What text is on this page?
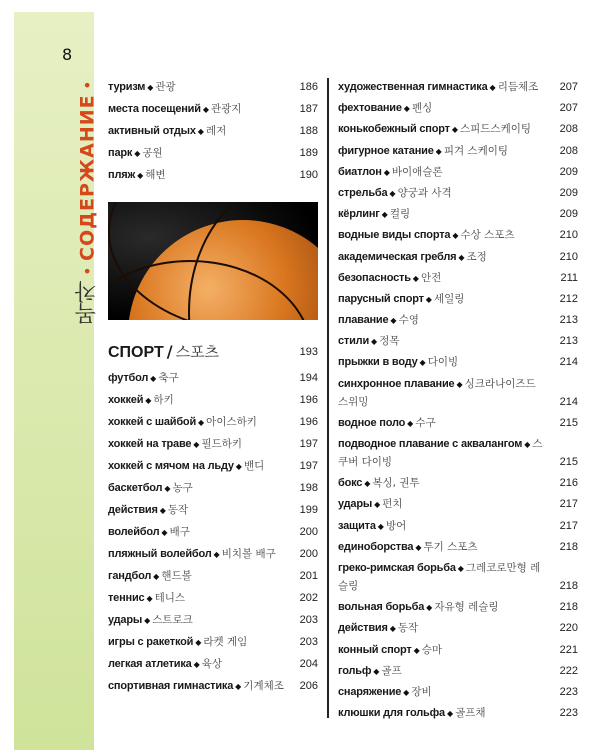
8
목차
•
СОДЕРЖАНИЕ
• туризм ◆ 관광	186
места посещений ◆ 관광지	187
активный отдых ◆ 레저	188
парк ◆ 공원	189
пляж ◆ 해변	190
СПОРТ / 스포츠	193
футбол ◆ 축구	194
хоккей ◆ 하키	196
хоккей с шайбой ◆ 아이스하키	196
хоккей на траве ◆ 필드하키	197
хоккей с мячом на льду ◆ 밴디	197
баскетбол ◆ 농구	198
действия ◆ 동작	199
волейбол ◆ 배구	200
пляжный волейбол ◆ 비치볼 배구 200
гандбол ◆ 핸드볼	201
теннис ◆ 테니스	202
удары ◆ 스트로크	203
игры с ракеткой ◆ 라켓 게임	203
легкая атлетика ◆ 육상	204
спортивная гимнастика ◆ 기계체조 206
художественная гимнастика ◆ 리듬체조 207
фехтование ◆ 펜싱	207
конькобежный спорт ◆ 스피드스케이팅	208
фигурное катание ◆ 피겨 스케이팅	208
биатлон ◆ 바이애슬론	209
стрельба ◆ 양궁과 사격	209
кёрлинг ◆ 컬링	209
водные виды спорта ◆ 수상 스포츠	210
академическая гребля ◆ 조정	210
безопасность ◆ 안전	211
парусный спорт ◆ 세일링	212
плавание ◆ 수영	213
стили ◆ 정목	213
прыжки в воду ◆ 다이빙	214
синхронное плавание ◆ 싱크라나이즈드 스위밍	214
водное поло ◆ 수구	215
подводное плавание с аквалангом ◆ 스쿠버 다이빙	215
бокс ◆ 복싱, 권투	216
удары ◆ 펀치	217
защита ◆ 방어	217
единоборства ◆ 투기 스포츠	218
греко-римская борьба ◆ 그레코로만형 레슬링	218
вольная борьба ◆ 자유형 레슬링	218
действия ◆ 동작	220
конный спорт ◆ 승마	221
гольф ◆ 골프	222
снаряжение ◆ 장비	223
клюшки для гольфа ◆ 골프채	223
